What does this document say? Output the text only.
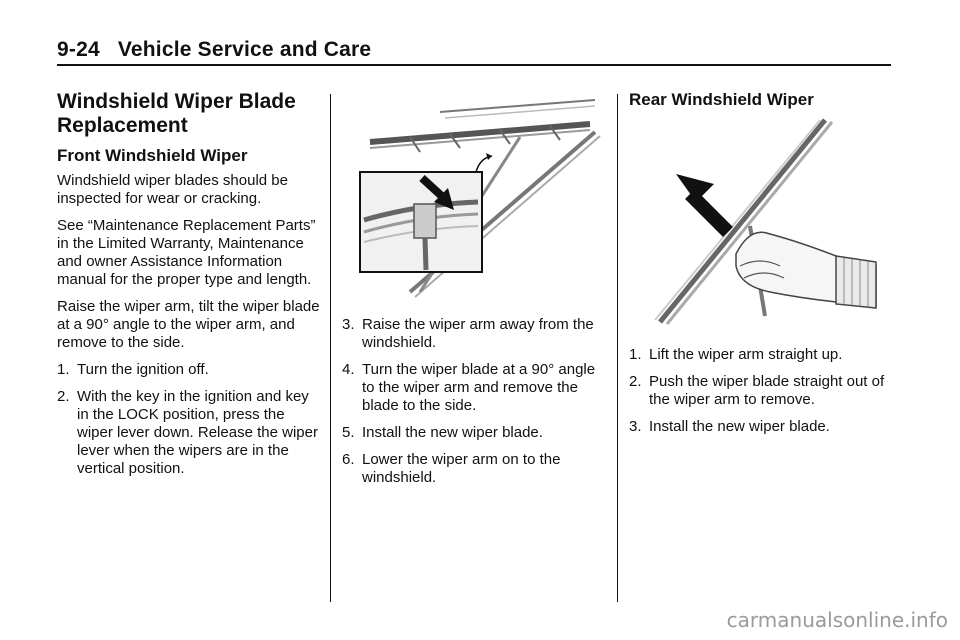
9-24 Vehicle Service and Care
Windshield Wiper Blade Replacement
Front Windshield Wiper

Windshield wiper blades should be inspected for wear or cracking.

See “Maintenance Replacement Parts” in the Limited Warranty, Maintenance and owner Assistance Information manual for the proper type and length.

Raise the wiper arm, tilt the wiper blade at a 90° angle to the wiper arm, and remove to the side.

1. Turn the ignition off.
2. With the key in the ignition and key in the LOCK position, press the wiper lever down. Release the wiper lever when the wipers are in the vertical position.
3. Raise the wiper arm away from the windshield.
4. Turn the wiper blade at a 90° angle to the wiper arm and remove the blade to the side.
5. Install the new wiper blade.
6. Lower the wiper arm on to the windshield.
Rear Windshield Wiper
1. Lift the wiper arm straight up.
2. Push the wiper blade straight out of the wiper arm to remove.
3. Install the new wiper blade.
carmanualsonline.info
